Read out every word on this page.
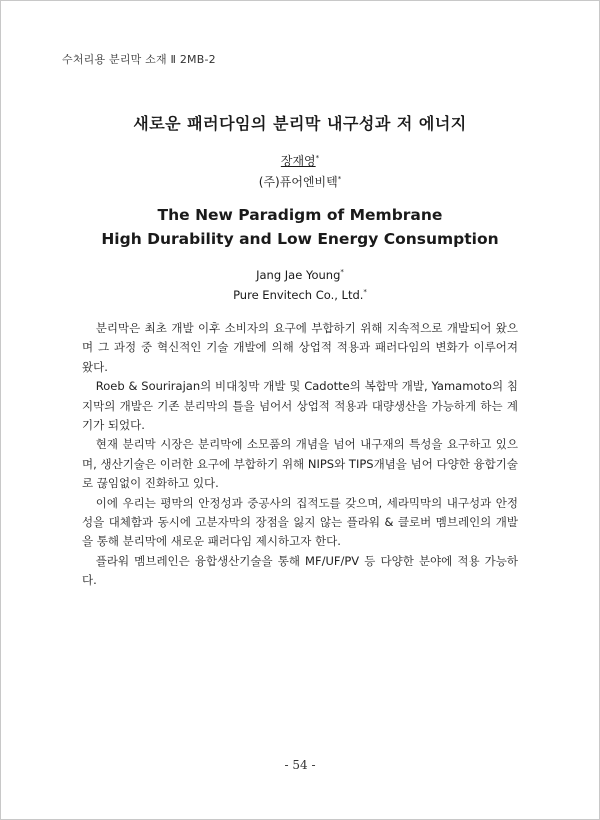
수처리용 분리막 소재 Ⅱ 2MB-2
새로운 패러다임의 분리막 내구성과 저 에너지
장재영*
(주)퓨어엔비텍*
The New Paradigm of Membrane
High Durability and Low Energy Consumption
Jang Jae Young*
Pure Envitech Co., Ltd.*

분리막은 최초 개발 이후 소비자의 요구에 부합하기 위해 지속적으로 개발되어 왔으며 그 과정 중 혁신적인 기술 개발에 의해 상업적 적용과 패러다임의 변화가 이루어져 왔다.

Roeb & Sourirajan의 비대칭막 개발 및 Cadotte의 복합막 개발, Yamamoto의 침지막의 개발은 기존 분리막의 틀을 넘어서 상업적 적용과 대량생산을 가능하게 하는 계기가 되었다.

현재 분리막 시장은 분리막에 소모품의 개념을 넘어 내구재의 특성을 요구하고 있으며, 생산기술은 이러한 요구에 부합하기 위해 NIPS와 TIPS개념을 넘어 다양한 융합기술로 끊임없이 진화하고 있다.

이에 우리는 평막의 안정성과 중공사의 집적도를 갖으며, 세라믹막의 내구성과 안정성을 대체함과 동시에 고분자막의 장점을 잃지 않는 플라워 & 클로버 멤브레인의 개발을 통해 분리막에 새로운 패러다임 제시하고자 한다.

플라워 멤브레인은 융합생산기술을 통해 MF/UF/PV 등 다양한 분야에 적용 가능하다.

- 54 -
